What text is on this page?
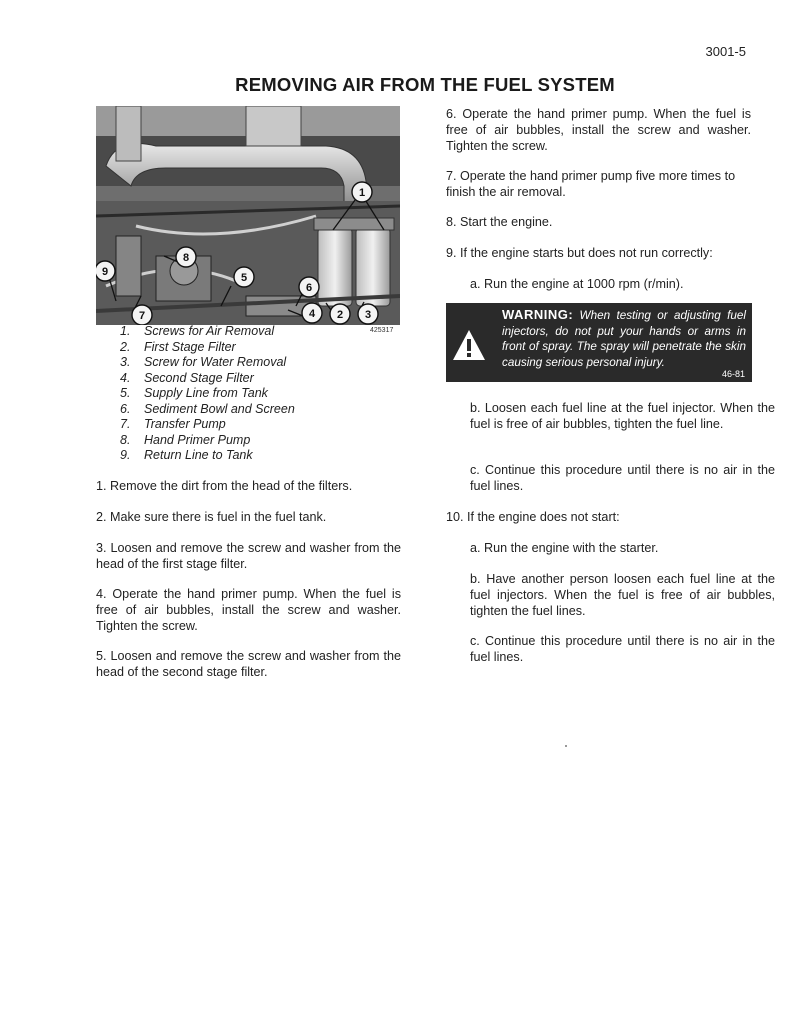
3001-5
REMOVING AIR FROM THE FUEL SYSTEM
1
8
9	5
6
7	4 2 3
1.	Screws for Air Removal
2.	First Stage Filter
3.	Screw for Water Removal
4.	Second Stage Filter
5.	Supply Line from Tank
6.	Sediment Bowl and Screen
7.	Transfer Pump
8.	Hand Primer Pump
9.	Return Line to Tank

1. Remove the dirt from the head of the filters.

2. Make sure there is fuel in the fuel tank.

3. Loosen and remove the screw and washer from the head of the first stage filter.

4. Operate the hand primer pump. When the fuel is free of air bubbles, install the screw and washer. Tighten the screw.

5. Loosen and remove the screw and washer from the head of the second stage filter.

425317

6. Operate the hand primer pump. When the fuel is free of air bubbles, install the screw and washer. Tighten the screw.

7. Operate the hand primer pump five more times to finish the air removal.

8. Start the engine.

9. If the engine starts but does not run correctly:

a. Run the engine at 1000 rpm (r/min).

WARNING: When testing or adjusting fuel injectors, do not put your hands or arms in front of spray. The spray will penetrate the skin causing serious personal injury.
46-81

b. Loosen each fuel line at the fuel injector. When the fuel is free of air bubbles, tighten the fuel line.

c. Continue this procedure until there is no air in the fuel lines.

10. If the engine does not start:

a. Run the engine with the starter.

b. Have another person loosen each fuel line at the fuel injectors. When the fuel is free of air bubbles, tighten the fuel lines.

c. Continue this procedure until there is no air in the fuel lines.
